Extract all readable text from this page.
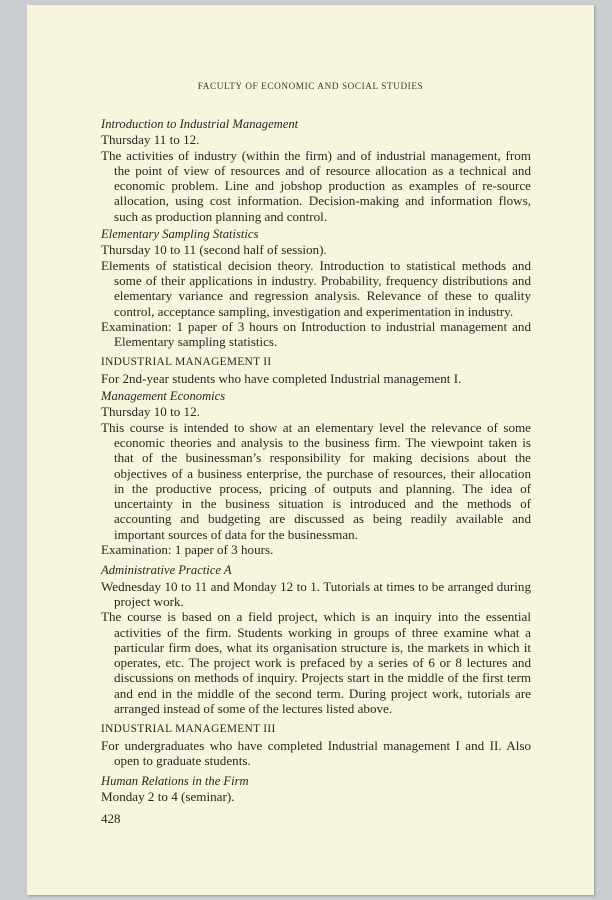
FACULTY OF ECONOMIC AND SOCIAL STUDIES

Introduction to Industrial Management

Thursday 11 to 12.

The activities of industry (within the firm) and of industrial management, from the point of view of resources and of resource allocation as a technical and economic problem. Line and jobshop production as examples of re-source allocation, using cost information. Decision-making and information flows, such as production planning and control.

Elementary Sampling Statistics

Thursday 10 to 11 (second half of session).

Elements of statistical decision theory. Introduction to statistical methods and some of their applications in industry. Probability, frequency distributions and elementary variance and regression analysis. Relevance of these to quality control, acceptance sampling, investigation and experimentation in industry.

Examination: 1 paper of 3 hours on Introduction to industrial management and Elementary sampling statistics.

INDUSTRIAL MANAGEMENT II

For 2nd-year students who have completed Industrial management I.

Management Economics

Thursday 10 to 12.

This course is intended to show at an elementary level the relevance of some economic theories and analysis to the business firm. The viewpoint taken is that of the businessman’s responsibility for making decisions about the objectives of a business enterprise, the purchase of resources, their allocation in the productive process, pricing of outputs and planning. The idea of uncertainty in the business situation is introduced and the methods of accounting and budgeting are discussed as being readily available and important sources of data for the businessman.

Examination: 1 paper of 3 hours.

Administrative Practice A

Wednesday 10 to 11 and Monday 12 to 1. Tutorials at times to be arranged during project work.

The course is based on a field project, which is an inquiry into the essential activities of the firm. Students working in groups of three examine what a particular firm does, what its organisation structure is, the markets in which it operates, etc. The project work is prefaced by a series of 6 or 8 lectures and discussions on methods of inquiry. Projects start in the middle of the first term and end in the middle of the second term. During project work, tutorials are arranged instead of some of the lectures listed above.

INDUSTRIAL MANAGEMENT III

For undergraduates who have completed Industrial management I and II. Also open to graduate students.

Human Relations in the Firm

Monday 2 to 4 (seminar).

428
